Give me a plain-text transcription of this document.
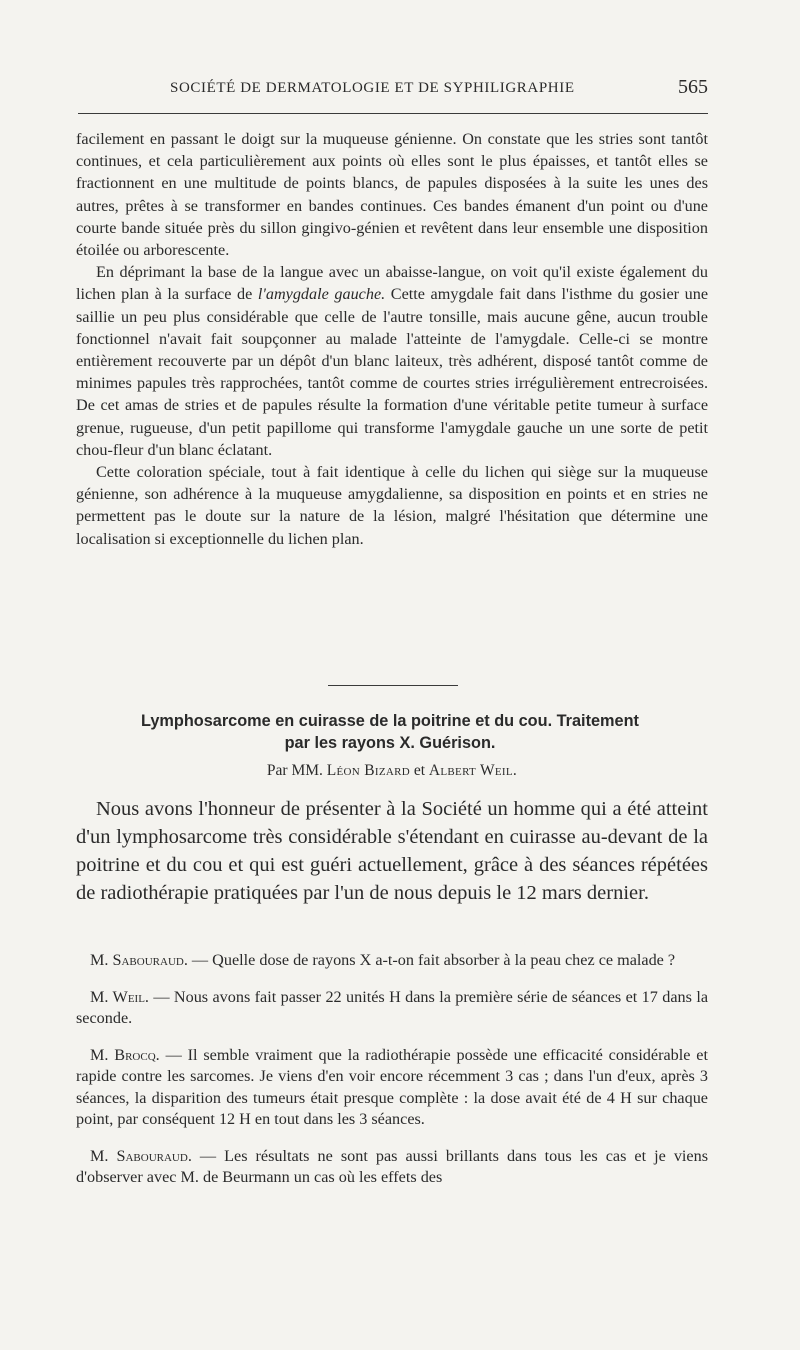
SOCIÉTÉ DE DERMATOLOGIE ET DE SYPHILIGRAPHIE	565

facilement en passant le doigt sur la muqueuse génienne. On constate que les stries sont tantôt continues, et cela particulièrement aux points où elles sont le plus épaisses, et tantôt elles se fractionnent en une multitude de points blancs, de papules disposées à la suite les unes des autres, prêtes à se transformer en bandes continues. Ces bandes émanent d'un point ou d'une courte bande située près du sillon gingivo-génien et revêtent dans leur ensemble une disposition étoilée ou arborescente.

En déprimant la base de la langue avec un abaisse-langue, on voit qu'il existe également du lichen plan à la surface de l'amygdale gauche. Cette amygdale fait dans l'isthme du gosier une saillie un peu plus considérable que celle de l'autre tonsille, mais aucune gêne, aucun trouble fonctionnel n'avait fait soupçonner au malade l'atteinte de l'amygdale. Celle-ci se montre entièrement recouverte par un dépôt d'un blanc laiteux, très adhérent, disposé tantôt comme de minimes papules très rapprochées, tantôt comme de courtes stries irrégulièrement entrecroisées. De cet amas de stries et de papules résulte la formation d'une véritable petite tumeur à surface grenue, rugueuse, d'un petit papillome qui transforme l'amygdale gauche un une sorte de petit chou-fleur d'un blanc éclatant.

Cette coloration spéciale, tout à fait identique à celle du lichen qui siège sur la muqueuse génienne, son adhérence à la muqueuse amygdalienne, sa disposition en points et en stries ne permettent pas le doute sur la nature de la lésion, malgré l'hésitation que détermine une localisation si exceptionnelle du lichen plan.

Lymphosarcome en cuirasse de la poitrine et du cou. Traitement
par les rayons X. Guérison.
Par MM. Léon Bizard et Albert Weil.

Nous avons l'honneur de présenter à la Société un homme qui a été atteint d'un lymphosarcome très considérable s'étendant en cuirasse au-devant de la poitrine et du cou et qui est guéri actuellement, grâce à des séances répétées de radiothérapie pratiquées par l'un de nous depuis le 12 mars dernier.

M. Sabouraud. — Quelle dose de rayons X a-t-on fait absorber à la peau chez ce malade ?

M. Weil. — Nous avons fait passer 22 unités H dans la première série de séances et 17 dans la seconde.

M. Brocq. — Il semble vraiment que la radiothérapie possède une efficacité considérable et rapide contre les sarcomes. Je viens d'en voir encore récemment 3 cas ; dans l'un d'eux, après 3 séances, la disparition des tumeurs était presque complète : la dose avait été de 4 H sur chaque point, par conséquent 12 H en tout dans les 3 séances.

M. Sabouraud. — Les résultats ne sont pas aussi brillants dans tous les cas et je viens d'observer avec M. de Beurmann un cas où les effets des
